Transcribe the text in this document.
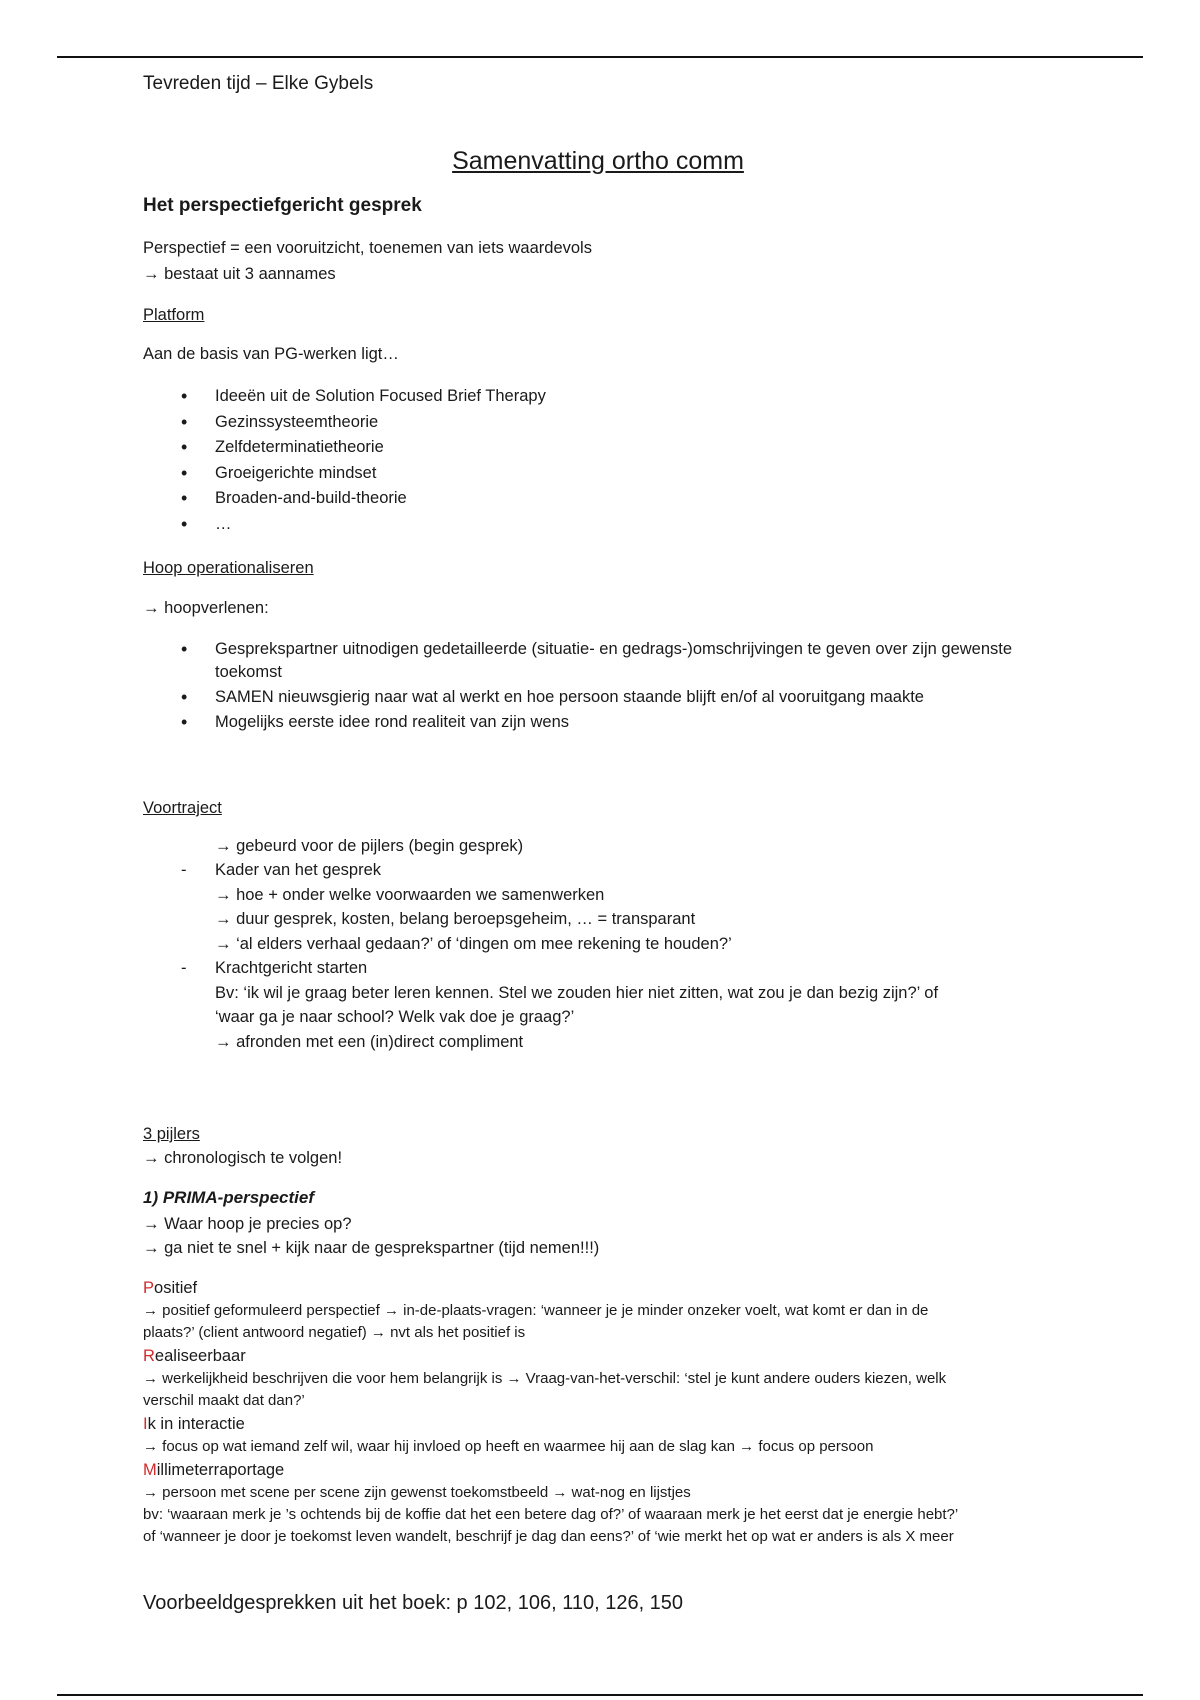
Tevreden tijd – Elke Gybels

Samenvatting ortho comm

Het perspectiefgericht gesprek

Perspectief = een vooruitzicht, toenemen van iets waardevols

→ bestaat uit 3 aannames

Platform

Aan de basis van PG-werken ligt…

• Ideeën uit de Solution Focused Brief Therapy
• Gezinssysteemtheorie
• Zelfdeterminatietheorie
• Groeigerichte mindset
• Broaden-and-build-theorie
• …

Hoop operationaliseren

→ hoopverlenen:

• Gesprekspartner uitnodigen gedetailleerde (situatie- en gedrags-)omschrijvingen te geven over zijn gewenste toekomst
• SAMEN nieuwsgierig naar wat al werkt en hoe persoon staande blijft en/of al vooruitgang maakte
• Mogelijks eerste idee rond realiteit van zijn wens

Voortraject

→ gebeurd voor de pijlers (begin gesprek)
- Kader van het gesprek
→ hoe + onder welke voorwaarden we samenwerken
→ duur gesprek, kosten, belang beroepsgeheim, … = transparant
→ ‘al elders verhaal gedaan?’ of ‘dingen om mee rekening te houden?’
- Krachtgericht starten
Bv: ‘ik wil je graag beter leren kennen. Stel we zouden hier niet zitten, wat zou je dan bezig zijn?’ of
‘waar ga je naar school? Welk vak doe je graag?’
→ afronden met een (in)direct compliment

3 pijlers

→ chronologisch te volgen!

1) PRIMA-perspectief

→ Waar hoop je precies op?

→ ga niet te snel + kijk naar de gesprekspartner (tijd nemen!!!)

Positief

→ positief geformuleerd perspectief → in-de-plaats-vragen: ‘wanneer je je minder onzeker voelt, wat komt er dan in de

plaats?’ (client antwoord negatief) → nvt als het positief is

Realiseerbaar

→ werkelijkheid beschrijven die voor hem belangrijk is → Vraag-van-het-verschil: ‘stel je kunt andere ouders kiezen, welk

verschil maakt dat dan?’

Ik in interactie

→ focus op wat iemand zelf wil, waar hij invloed op heeft en waarmee hij aan de slag kan → focus op persoon

Millimeterraportage

→ persoon met scene per scene zijn gewenst toekomstbeeld → wat-nog en lijstjes

bv: ‘waaraan merk je ’s ochtends bij de koffie dat het een betere dag of?’ of waaraan merk je het eerst dat je energie hebt?’

of ‘wanneer je door je toekomst leven wandelt, beschrijf je dag dan eens?’ of ‘wie merkt het op wat er anders is als X meer

Voorbeeldgesprekken uit het boek: p 102, 106, 110, 126, 150
